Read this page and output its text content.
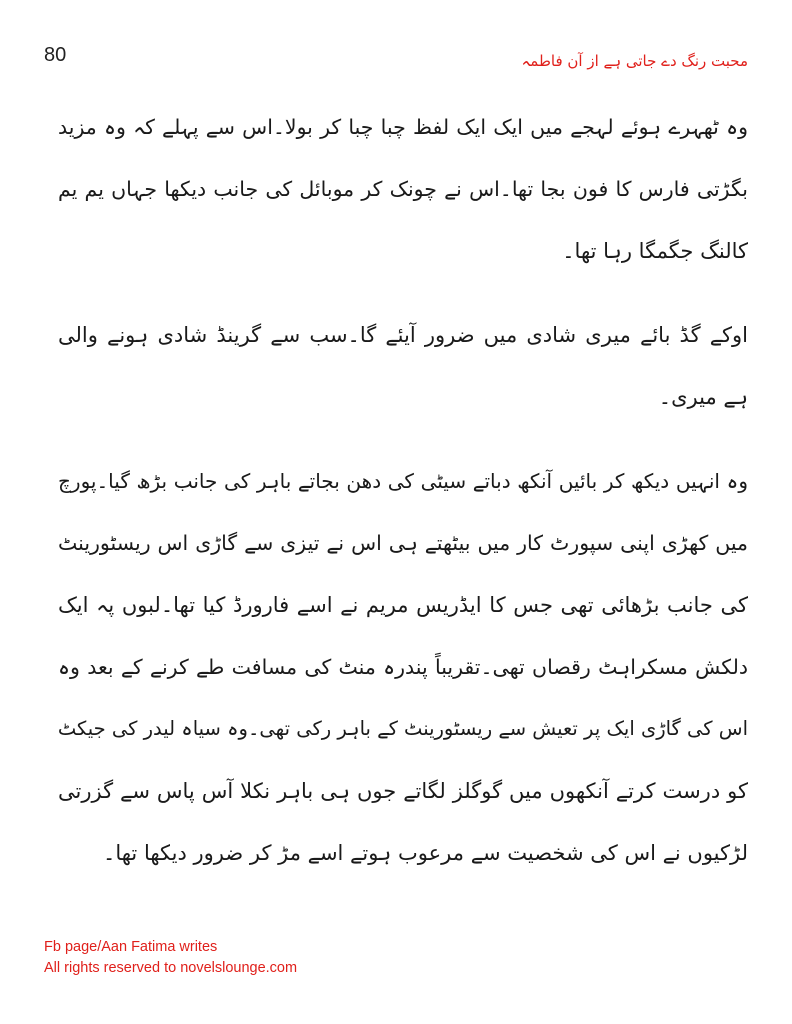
80	محبت رنگ دے جاتی ہے از آن فاطمہ
وہ ٹھہرے ہوئے لہجے میں ایک ایک لفظ چبا چبا کر بولا۔اس سے پہلے کہ وہ مزید
بگڑتی فارس کا فون بجا تھا۔اس نے چونک کر موبائل کی جانب دیکھا جہاں یم یم
کالنگ جگمگا رہا تھا۔
اوکے گڈ بائے میری شادی میں ضرور آیئے گا۔سب سے گرینڈ شادی ہونے والی
ہے میری۔
وہ انہیں دیکھ کر بائیں آنکھ دباتے سیٹی کی دھن بجاتے باہر کی جانب بڑھ گیا۔پورچ
میں کھڑی اپنی سپورٹ کار میں بیٹھتے ہی اس نے تیزی سے گاڑی اس ریسٹورینٹ
کی جانب بڑھائی تھی جس کا ایڈریس مریم نے اسے فارورڈ کیا تھا۔لبوں پہ ایک
دلکش مسکراہٹ رقصاں تھی۔تقریباً پندرہ منٹ کی مسافت طے کرنے کے بعد وہ
اس کی گاڑی ایک پر تعیش سے ریسٹورینٹ کے باہر رکی تھی۔وہ سیاہ لیدر کی جیکٹ
کو درست کرتے آنکھوں میں گوگلز لگاتے جوں ہی باہر نکلا آس پاس سے گزرتی
لڑکیوں نے اس کی شخصیت سے مرعوب ہوتے اسے مڑ کر ضرور دیکھا تھا۔
Fb page/Aan Fatima writes
All rights reserved to novelslounge.com
